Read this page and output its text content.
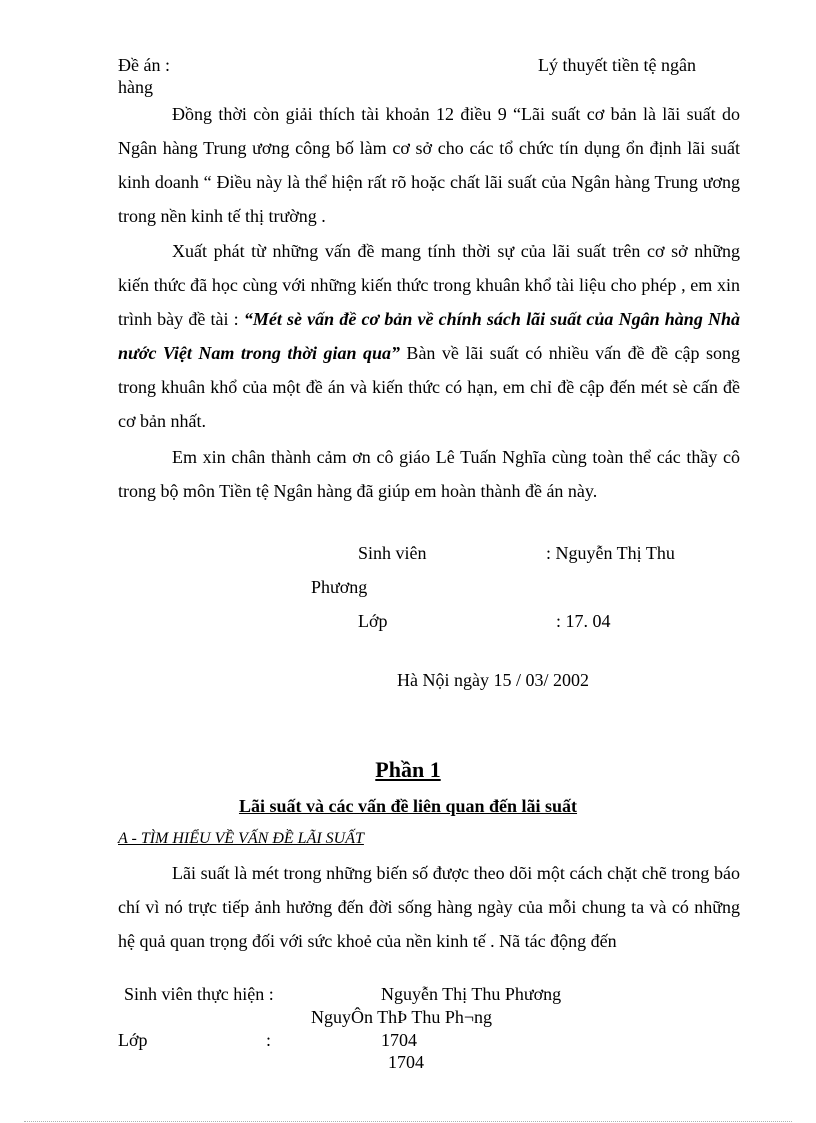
Đề án :	Lý thuyết tiền tệ ngân
hàng

Đồng thời còn giải thích tài khoản 12 điều 9 “Lãi suất cơ bản là lãi suất do Ngân hàng Trung ương công bố làm cơ sở cho các tổ chức tín dụng ổn định lãi suất kinh doanh “ Điều này là thể hiện rất rõ hoặc chất lãi suất của Ngân hàng Trung ương trong nền kinh tế thị trường .

Xuất phát từ những vấn đề mang tính thời sự của lãi suất trên cơ sở những kiến thức đã học cùng với những kiến thức trong khuân khổ tài liệu cho phép , em xin trình bày đề tài : “Mét sè vấn đề cơ bản về chính sách lãi suất của Ngân hàng Nhà nước Việt Nam trong thời gian qua” Bàn về lãi suất có nhiều vấn đề đề cập song trong khuân khổ của một đề án và kiến thức có hạn, em chỉ đề cập đến mét sè cấn đề cơ bản nhất.

Em xin chân thành cảm ơn cô giáo Lê Tuấn Nghĩa cùng toàn thể các thầy cô trong bộ môn Tiền tệ Ngân hàng đã giúp em hoàn thành đề án này.

Sinh viên	: Nguyễn Thị Thu
Phương
Lớp	: 17. 04
Hà Nội ngày 15 / 03/ 2002
Phần 1
Lãi suất và các vấn đề liên quan đến lãi suất
A - TÌM HIỂU VỀ VẤN ĐỀ LÃI SUẤT

Lãi suất là mét trong những biến số được theo dõi một cách chặt chẽ trong báo chí vì nó trực tiếp ảnh hưởng đến đời sống hàng ngày của mỗi chung ta và có những hệ quả quan trọng đối với sức khoẻ của nền kinh tế . Nã tác động đến

Sinh viên thực hiện :	Nguyễn Thị Thu Phương
NguyÔn ThÞ Thu Ph¬ng
Lớp	:	1704
1704
